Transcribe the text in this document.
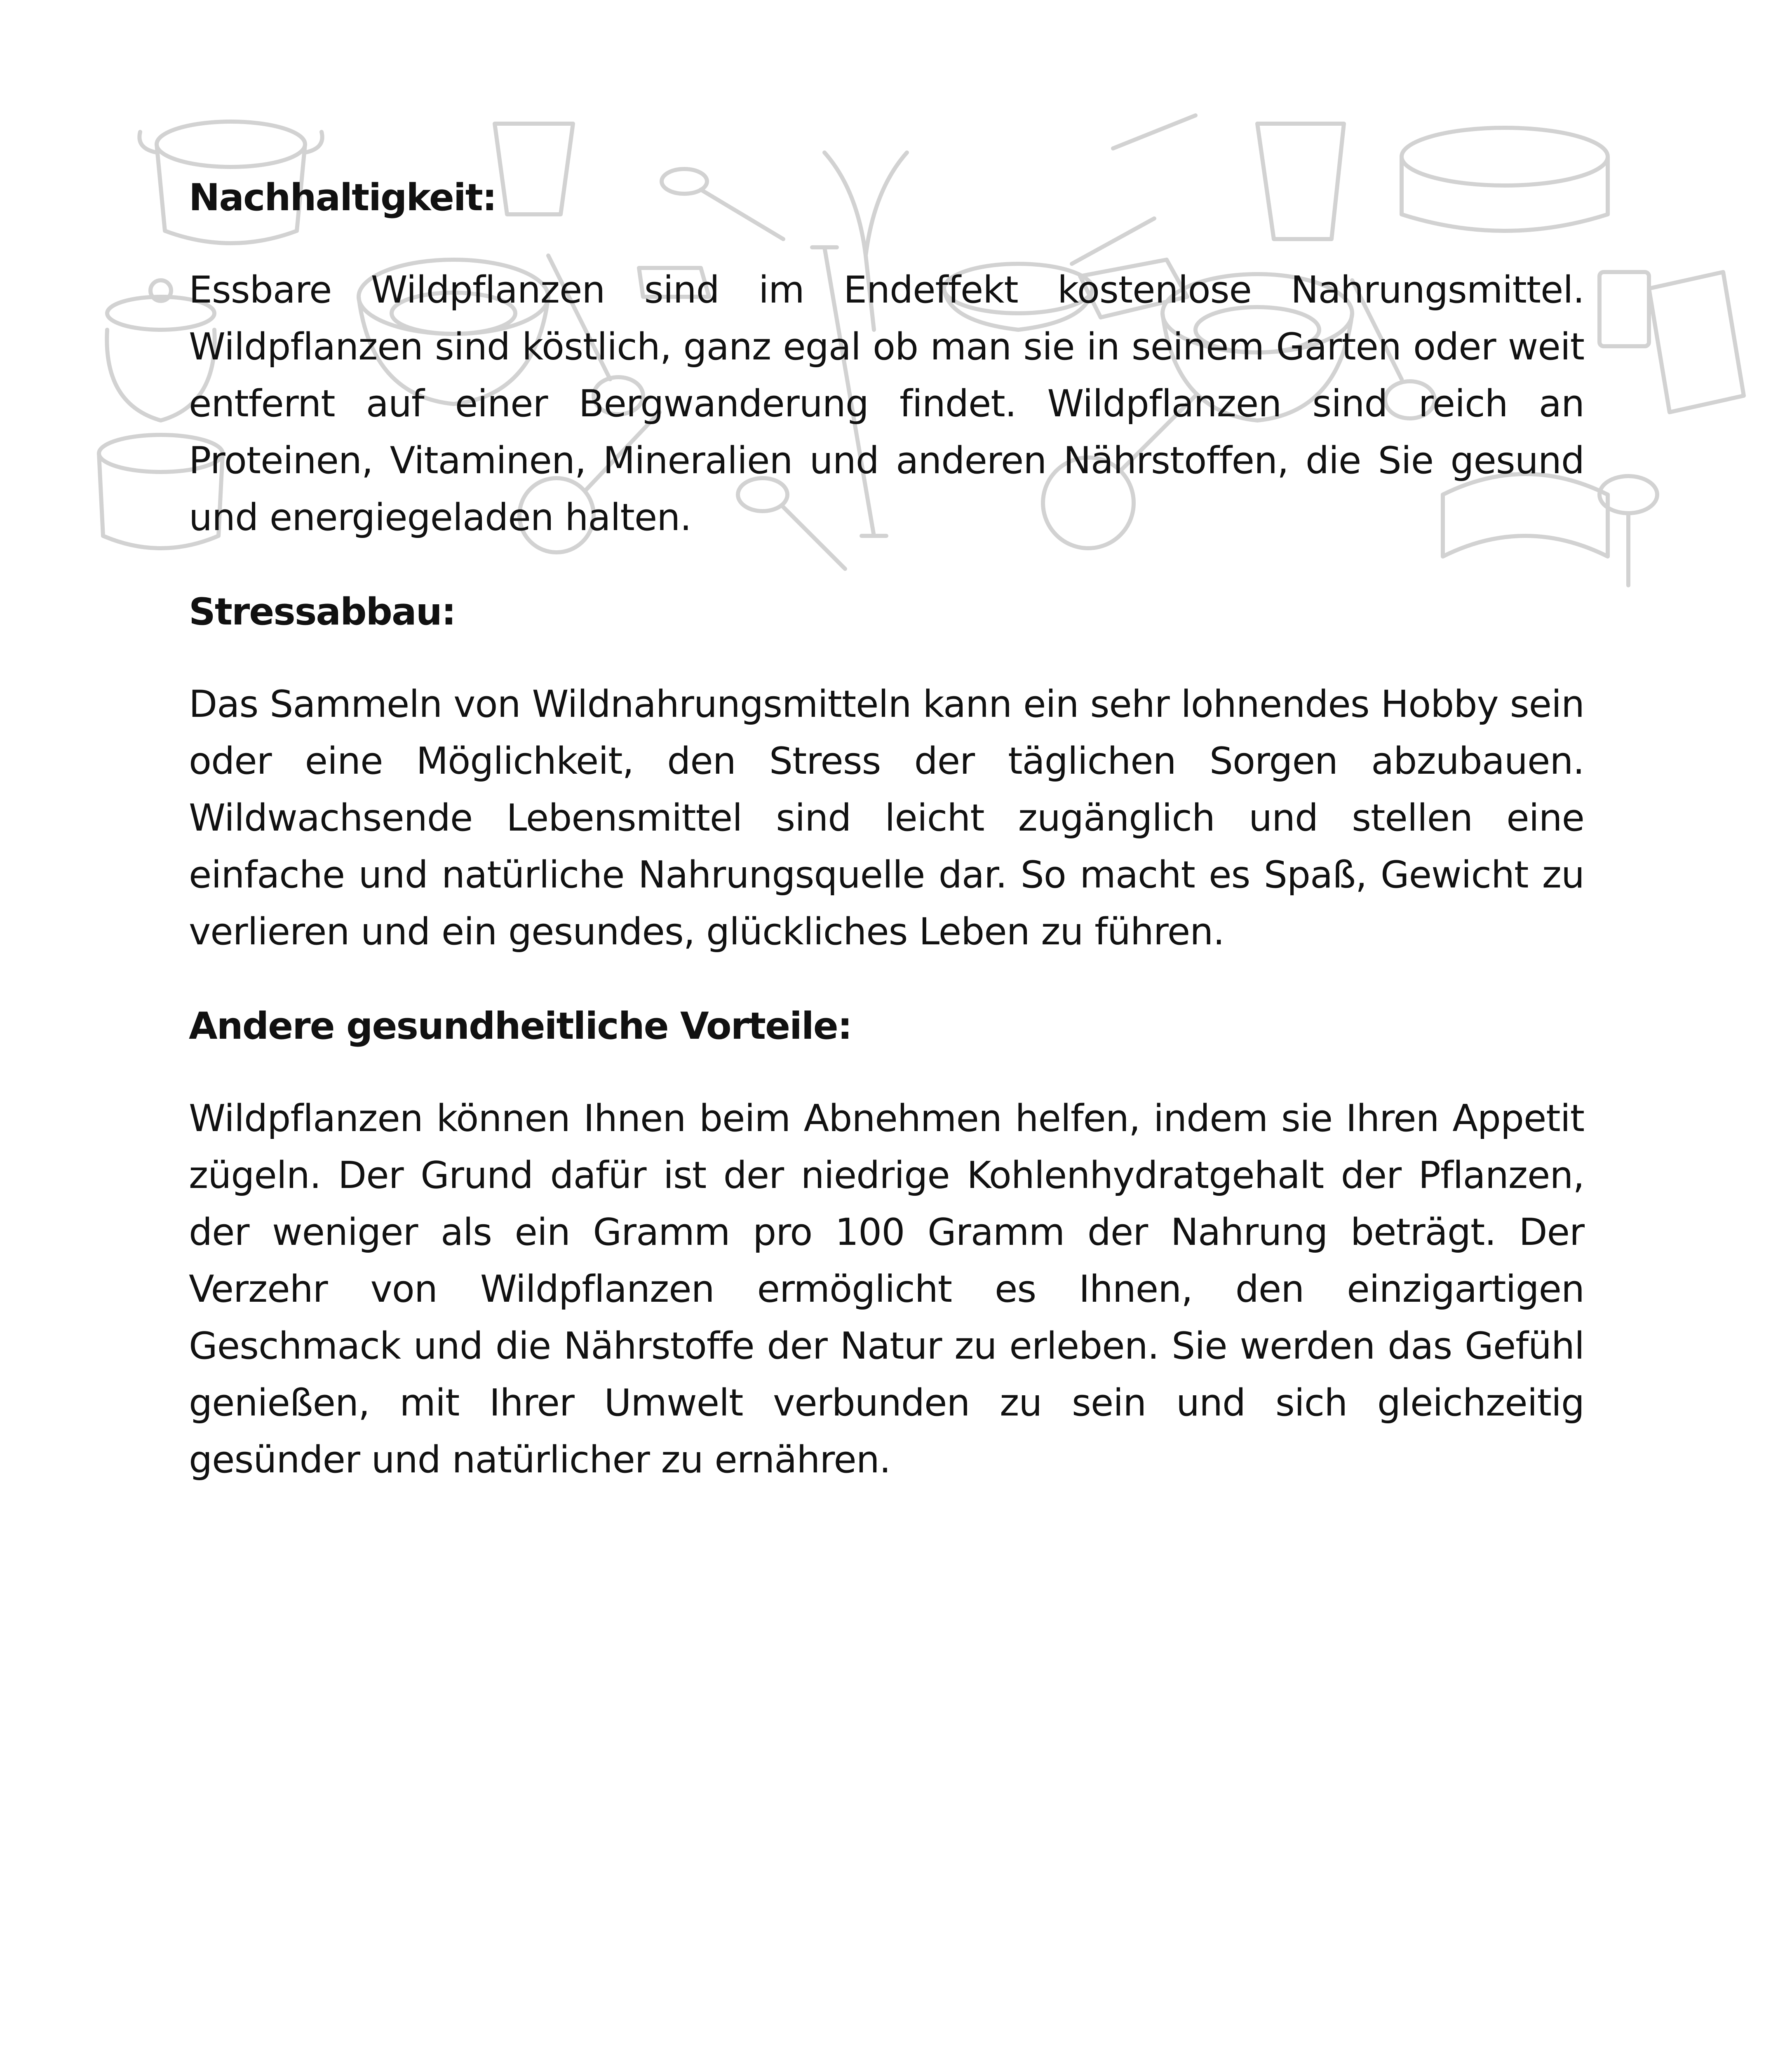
Nachhaltigkeit:

Essbare Wildpflanzen sind im Endeffekt kostenlose Nahrungsmittel. Wildpflanzen sind köstlich, ganz egal ob man sie in seinem Garten oder weit entfernt auf einer Bergwanderung findet. Wildpflanzen sind reich an Proteinen, Vitaminen, Mineralien und anderen Nährstoffen, die Sie gesund und energiegeladen halten.

Stressabbau:

Das Sammeln von Wildnahrungsmitteln kann ein sehr lohnendes Hobby sein oder eine Möglichkeit, den Stress der täglichen Sorgen abzubauen. Wildwachsende Lebensmittel sind leicht zugänglich und stellen eine einfache und natürliche Nahrungsquelle dar. So macht es Spaß, Gewicht zu verlieren und ein gesundes, glückliches Leben zu führen.

Andere gesundheitliche Vorteile:

Wildpflanzen können Ihnen beim Abnehmen helfen, indem sie Ihren Appetit zügeln. Der Grund dafür ist der niedrige Kohlenhydratgehalt der Pflanzen, der weniger als ein Gramm pro 100 Gramm der Nahrung beträgt. Der Verzehr von Wildpflanzen ermöglicht es Ihnen, den einzigartigen Geschmack und die Nährstoffe der Natur zu erleben. Sie werden das Gefühl genießen, mit Ihrer Umwelt verbunden zu sein und sich gleichzeitig gesünder und natürlicher zu ernähren.
